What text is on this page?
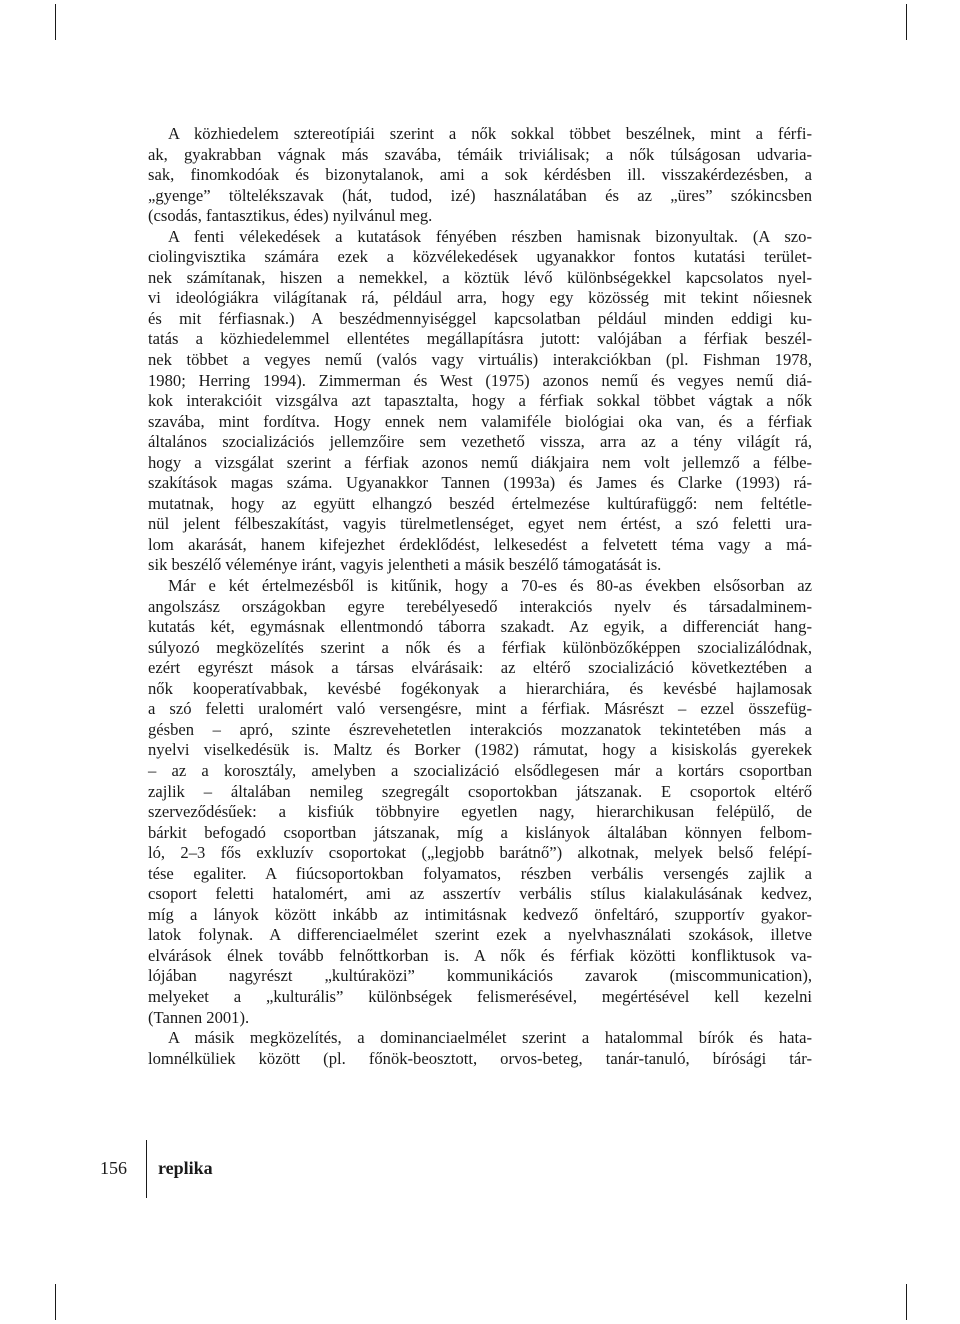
A közhiedelem sztereotípiái szerint a nők sokkal többet beszélnek, mint a férfi-
ak, gyakrabban vágnak más szavába, témáik triviálisak; a nők túlságosan udvaria-
sak, finomkodóak és bizonytalanok, ami a sok kérdésben ill. visszakérdezésben, a
„gyenge” töltelékszavak (hát, tudod, izé) használatában és az „üres” szókincsben
(csodás, fantasztikus, édes) nyilvánul meg.
A fenti vélekedések a kutatások fényében részben hamisnak bizonyultak. (A szo-
ciolingvisztika számára ezek a közvélekedések ugyanakkor fontos kutatási terület-
nek számítanak, hiszen a nemekkel, a köztük lévő különbségekkel kapcsolatos nyel-
vi ideológiákra világítanak rá, például arra, hogy egy közösség mit tekint nőiesnek
és mit férfiasnak.) A beszédmennyiséggel kapcsolatban például minden eddigi ku-
tatás a közhiedelemmel ellentétes megállapításra jutott: valójában a férfiak beszél-
nek többet a vegyes nemű (valós vagy virtuális) interakciókban (pl. Fishman 1978,
1980; Herring 1994). Zimmerman és West (1975) azonos nemű és vegyes nemű diá-
kok interakcióit vizsgálva azt tapasztalta, hogy a férfiak sokkal többet vágtak a nők
szavába, mint fordítva. Hogy ennek nem valamiféle biológiai oka van, és a férfiak
általános szocializációs jellemzőire sem vezethető vissza, arra az a tény világít rá,
hogy a vizsgálat szerint a férfiak azonos nemű diákjaira nem volt jellemző a félbe-
szakítások magas száma. Ugyanakkor Tannen (1993a) és James és Clarke (1993) rá-
mutatnak, hogy az együtt elhangzó beszéd értelmezése kultúrafüggő: nem feltétle-
nül jelent félbeszakítást, vagyis türelmetlenséget, egyet nem értést, a szó feletti ura-
lom akarását, hanem kifejezhet érdeklődést, lelkesedést a felvetett téma vagy a má-
sik beszélő véleménye iránt, vagyis jelentheti a másik beszélő támogatását is.
Már e két értelmezésből is kitűnik, hogy a 70-es és 80-as években elsősorban az
angolszász országokban egyre terebélyesedő interakciós nyelv és társadalminem-
kutatás két, egymásnak ellentmondó táborra szakadt. Az egyik, a differenciát hang-
súlyozó megközelítés szerint a nők és a férfiak különbözőképpen szocializálódnak,
ezért egyrészt mások a társas elvárásaik: az eltérő szocializáció következtében a
nők kooperatívabbak, kevésbé fogékonyak a hierarchiára, és kevésbé hajlamosak
a szó feletti uralomért való versengésre, mint a férfiak. Másrészt – ezzel összefüg-
gésben – apró, szinte észrevehetetlen interakciós mozzanatok tekintetében más a
nyelvi viselkedésük is. Maltz és Borker (1982) rámutat, hogy a kisiskolás gyerekek
– az a korosztály, amelyben a szocializáció elsődlegesen már a kortárs csoportban
zajlik – általában nemileg szegregált csoportokban játszanak. E csoportok eltérő
szerveződésűek: a kisfiúk többnyire egyetlen nagy, hierarchikusan felépülő, de
bárkit befogadó csoportban játszanak, míg a kislányok általában könnyen felbom-
ló, 2–3 fős exkluzív csoportokat („legjobb barátnő”) alkotnak, melyek belső felépí-
tése egaliter. A fiúcsoportokban folyamatos, részben verbális versengés zajlik a
csoport feletti hatalomért, ami az asszertív verbális stílus kialakulásának kedvez,
míg a lányok között inkább az intimitásnak kedvező önfeltáró, szupportív gyakor-
latok folynak. A differenciaelmélet szerint ezek a nyelvhasználati szokások, illetve
elvárások élnek tovább felnőttkorban is. A nők és férfiak közötti konfliktusok va-
lójában nagyrészt „kultúraközi” kommunikációs zavarok (miscommunication),
melyeket a „kulturális” különbségek felismerésével, megértésével kell kezelni
(Tannen 2001).
A másik megközelítés, a dominanciaelmélet szerint a hatalommal bírók és hata-
lomnélküliek között (pl. főnök-beosztott, orvos-beteg, tanár-tanuló, bírósági tár-
156 replika
